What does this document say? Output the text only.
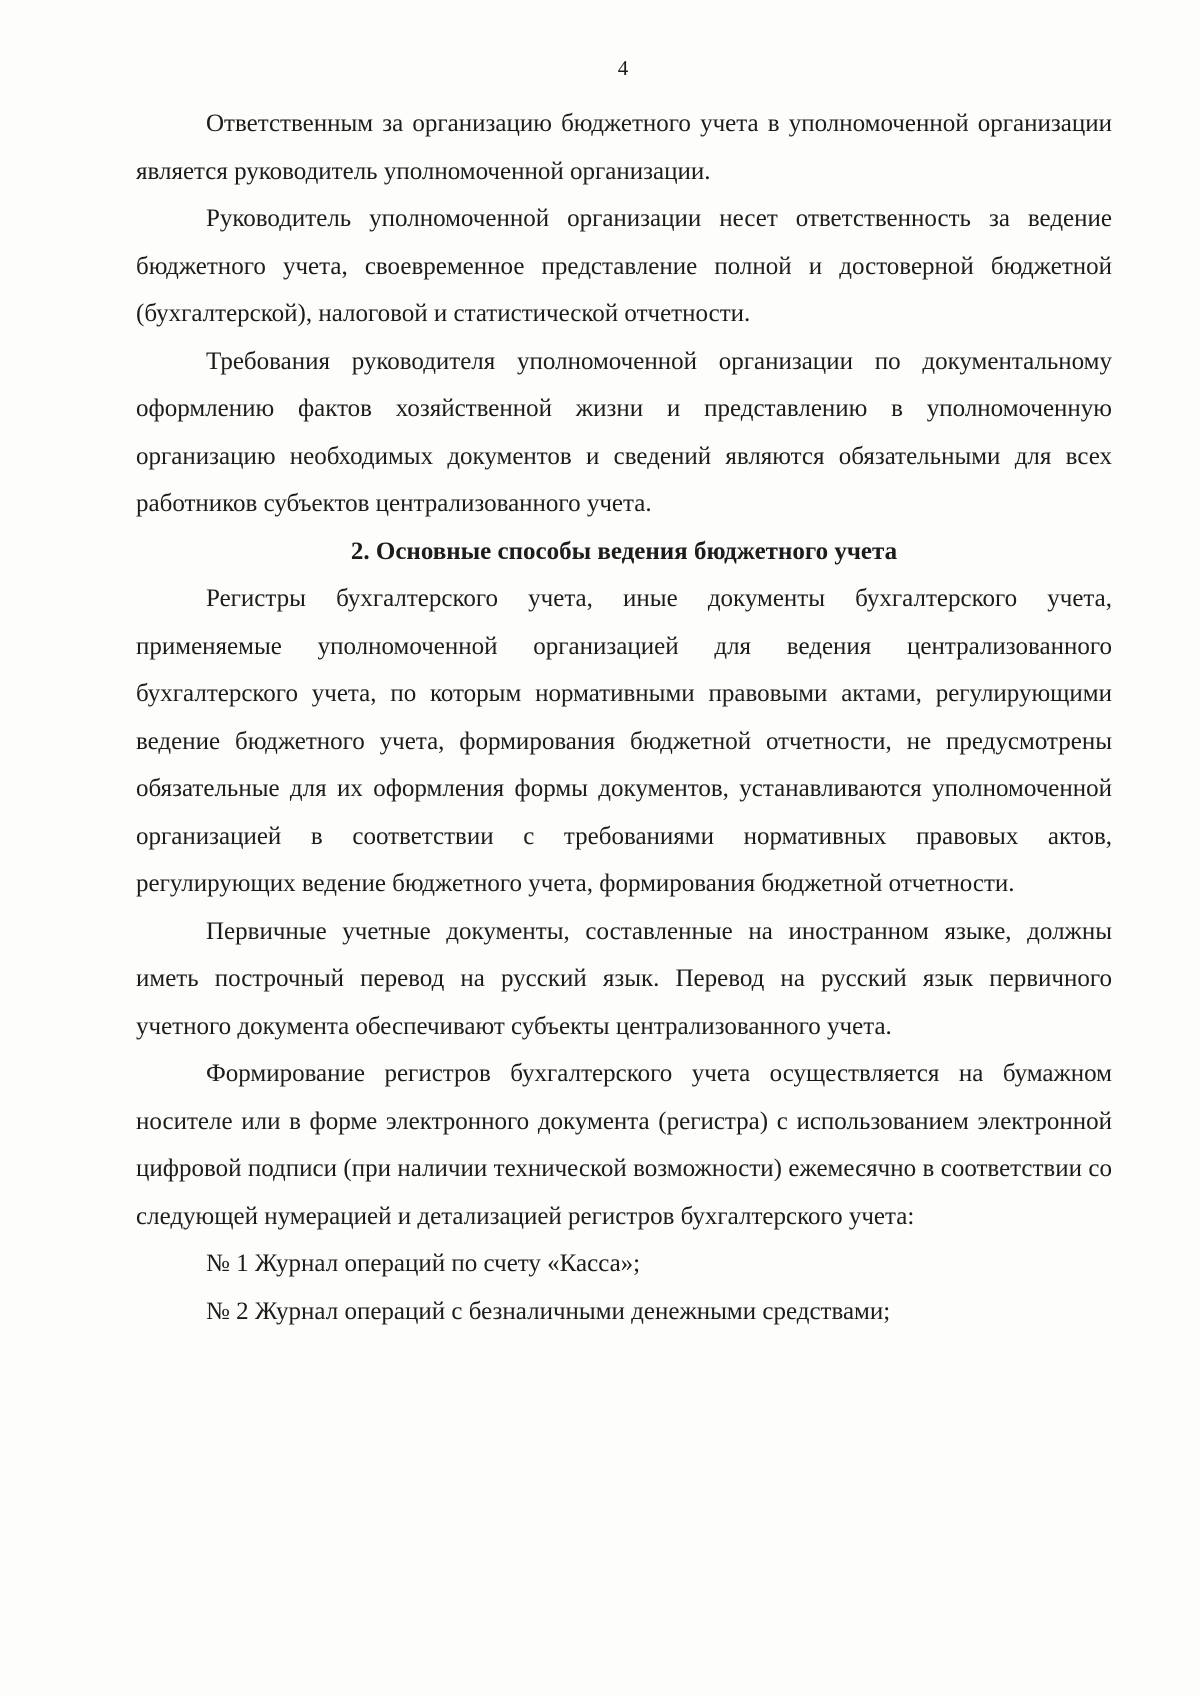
4

Ответственным за организацию бюджетного учета в уполномоченной организации является руководитель уполномоченной организации.

Руководитель уполномоченной организации несет ответственность за ведение бюджетного учета, своевременное представление полной и достоверной бюджетной (бухгалтерской), налоговой и статистической отчетности.

Требования руководителя уполномоченной организации по документальному оформлению фактов хозяйственной жизни и представлению в уполномоченную организацию необходимых документов и сведений являются обязательными для всех работников субъектов централизованного учета.

2. Основные способы ведения бюджетного учета

Регистры бухгалтерского учета, иные документы бухгалтерского учета, применяемые уполномоченной организацией для ведения централизованного бухгалтерского учета, по которым нормативными правовыми актами, регулирующими ведение бюджетного учета, формирования бюджетной отчетности, не предусмотрены обязательные для их оформления формы документов, устанавливаются уполномоченной организацией в соответствии с требованиями нормативных правовых актов, регулирующих ведение бюджетного учета, формирования бюджетной отчетности.

Первичные учетные документы, составленные на иностранном языке, должны иметь построчный перевод на русский язык. Перевод на русский язык первичного учетного документа обеспечивают субъекты централизованного учета.

Формирование регистров бухгалтерского учета осуществляется на бумажном носителе или в форме электронного документа (регистра) с использованием электронной цифровой подписи (при наличии технической возможности) ежемесячно в соответствии со следующей нумерацией и детализацией регистров бухгалтерского учета:

№ 1 Журнал операций по счету «Касса»;

№ 2 Журнал операций с безналичными денежными средствами;
